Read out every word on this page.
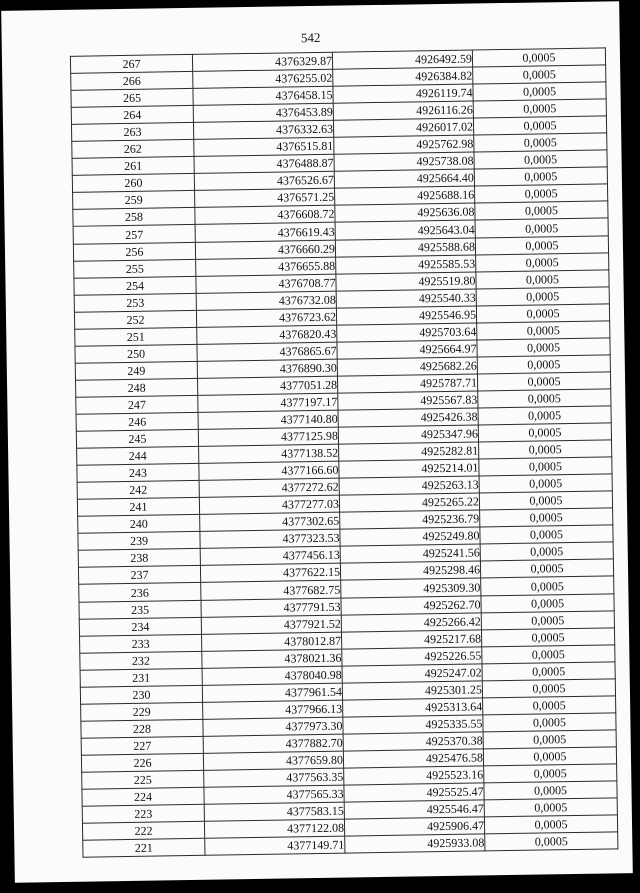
542
267	4376329.87	4926492.59	0,0005
266	4376255.02	4926384.82	0,0005
265	4376458.15	4926119.74	0,0005
264	4376453.89	4926116.26	0,0005
263	4376332.63	4926017.02	0,0005
262	4376515.81	4925762.98	0,0005
261	4376488.87	4925738.08	0,0005
260	4376526.67	4925664.40	0,0005
259	4376571.25	4925688.16	0,0005
258	4376608.72	4925636.08	0,0005
257	4376619.43	4925643.04	0,0005
256	4376660.29	4925588.68	0,0005
255	4376655.88	4925585.53	0,0005
254	4376708.77	4925519.80	0,0005
253	4376732.08	4925540.33	0,0005
252	4376723.62	4925546.95	0,0005
251	4376820.43	4925703.64	0,0005
250	4376865.67	4925664.97	0,0005
249	4376890.30	4925682.26	0,0005
248	4377051.28	4925787.71	0,0005
247	4377197.17	4925567.83	0,0005
246	4377140.80	4925426.38	0,0005
245	4377125.98	4925347.96	0,0005
244	4377138.52	4925282.81	0,0005
243	4377166.60	4925214.01	0,0005
242	4377272.62	4925263.13	0,0005
241	4377277.03	4925265.22	0,0005
240	4377302.65	4925236.79	0,0005
239	4377323.53	4925249.80	0,0005
238	4377456.13	4925241.56	0,0005
237	4377622.15	4925298.46	0,0005
236	4377682.75	4925309.30	0,0005
235	4377791.53	4925262.70	0,0005
234	4377921.52	4925266.42	0,0005
233	4378012.87	4925217.68	0,0005
232	4378021.36	4925226.55	0,0005
231	4378040.98	4925247.02	0,0005
230	4377961.54	4925301.25	0,0005
229	4377966.13	4925313.64	0,0005
228	4377973.30	4925335.55	0,0005
227	4377882.70	4925370.38	0,0005
226	4377659.80	4925476.58	0,0005
225	4377563.35	4925523.16	0,0005
224	4377565.33	4925525.47	0,0005
223	4377583.15	4925546.47	0,0005
222	4377122.08	4925906.47	0,0005
221	4377149.71	4925933.08	0,0005
